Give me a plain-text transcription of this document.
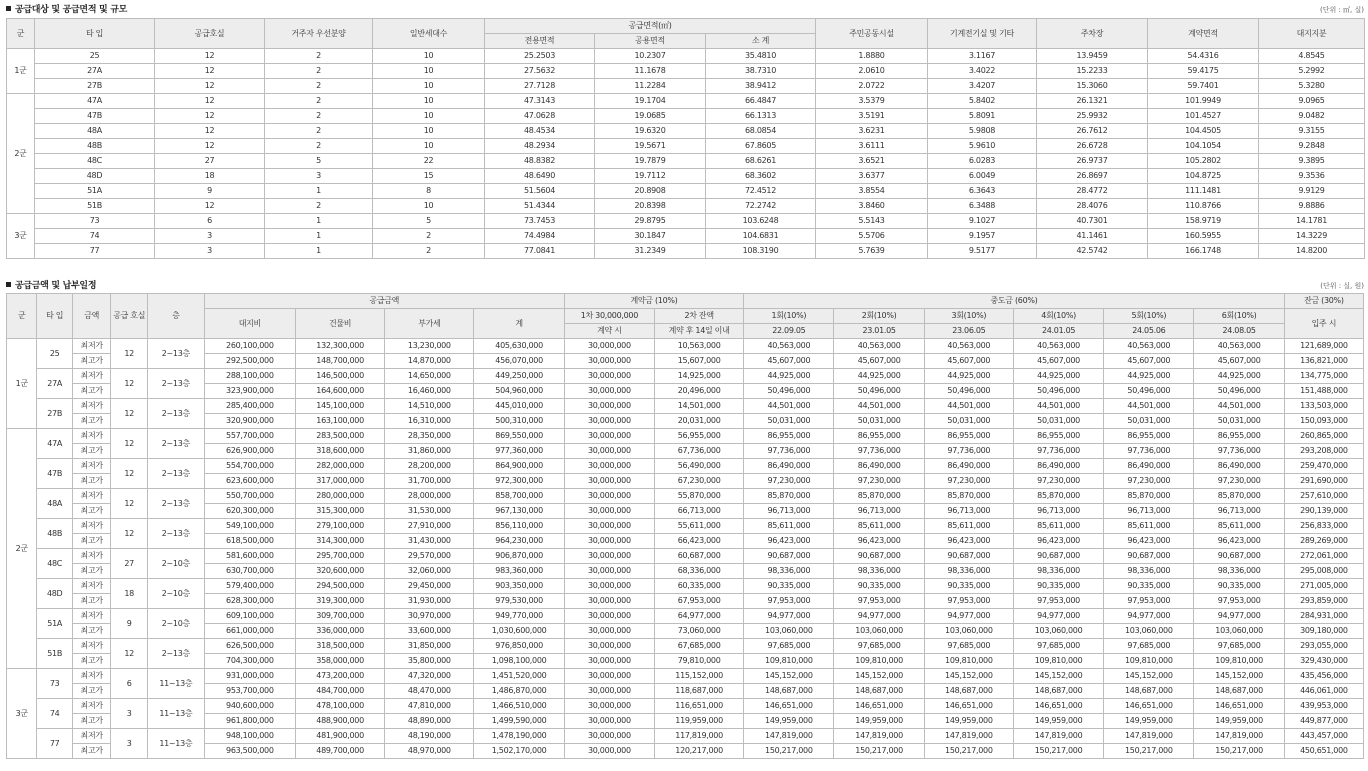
공급대상 및 공급면적 및 규모	(단위 : ㎡, 실)
군	타 입	공급호실	거주자 우선분양	일반세대수	공급면적(㎡)			주민공동시설	기계전기실 및 기타	주차장	계약면적	대지지분
					전용면적	공용면적	소 계					
1군	25	12	2	10	25.2503	10.2307	35.4810	1.8880	3.1167	13.9459	54.4316	4.8545
	27A	12	2	10	27.5632	11.1678	38.7310	2.0610	3.4022	15.2233	59.4175	5.2992
	27B	12	2	10	27.7128	11.2284	38.9412	2.0722	3.4207	15.3060	59.7401	5.3280
2군	47A	12	2	10	47.3143	19.1704	66.4847	3.5379	5.8402	26.1321	101.9949	9.0965
	47B	12	2	10	47.0628	19.0685	66.1313	3.5191	5.8091	25.9932	101.4527	9.0482
	48A	12	2	10	48.4534	19.6320	68.0854	3.6231	5.9808	26.7612	104.4505	9.3155
	48B	12	2	10	48.2934	19.5671	67.8605	3.6111	5.9610	26.6728	104.1054	9.2848
	48C	27	5	22	48.8382	19.7879	68.6261	3.6521	6.0283	26.9737	105.2802	9.3895
	48D	18	3	15	48.6490	19.7112	68.3602	3.6377	6.0049	26.8697	104.8725	9.3536
	51A	9	1	8	51.5604	20.8908	72.4512	3.8554	6.3643	28.4772	111.1481	9.9129
	51B	12	2	10	51.4344	20.8398	72.2742	3.8460	6.3488	28.4076	110.8766	9.8886
3군	73	6	1	5	73.7453	29.8795	103.6248	5.5143	9.1027	40.7301	158.9719	14.1781
	74	3	1	2	74.4984	30.1847	104.6831	5.5706	9.1957	41.1461	160.5955	14.3229
	77	3	1	2	77.0841	31.2349	108.3190	5.7639	9.5177	42.5742	166.1748	14.8200
공급금액 및 납부일정	(단위 : 실, 원)
군	타 입	금액	공급 호실	층	공급금액				계약금 (10%)		중도금 (60%)						잔금 (30%)
					대지비	건물비	부가세	계	1차 30,000,000	2차 잔액	1회(10%)	2회(10%)	3회(10%)	4회(10%)	5회(10%)	6회(10%)	입주 시
									계약 시	계약 후 14일 이내	22.09.05	23.01.05	23.06.05	24.01.05	24.05.06	24.08.05	
1군	25	최저가	12	2~13층	260,100,000	132,300,000	13,230,000	405,630,000	30,000,000	10,563,000	40,563,000	40,563,000	40,563,000	40,563,000	40,563,000	40,563,000	121,689,000
		최고가			292,500,000	148,700,000	14,870,000	456,070,000	30,000,000	15,607,000	45,607,000	45,607,000	45,607,000	45,607,000	45,607,000	45,607,000	136,821,000
	27A	최저가	12	2~13층	288,100,000	146,500,000	14,650,000	449,250,000	30,000,000	14,925,000	44,925,000	44,925,000	44,925,000	44,925,000	44,925,000	44,925,000	134,775,000
		최고가			323,900,000	164,600,000	16,460,000	504,960,000	30,000,000	20,496,000	50,496,000	50,496,000	50,496,000	50,496,000	50,496,000	50,496,000	151,488,000
	27B	최저가	12	2~13층	285,400,000	145,100,000	14,510,000	445,010,000	30,000,000	14,501,000	44,501,000	44,501,000	44,501,000	44,501,000	44,501,000	44,501,000	133,503,000
		최고가			320,900,000	163,100,000	16,310,000	500,310,000	30,000,000	20,031,000	50,031,000	50,031,000	50,031,000	50,031,000	50,031,000	50,031,000	150,093,000
2군	47A	최저가	12	2~13층	557,700,000	283,500,000	28,350,000	869,550,000	30,000,000	56,955,000	86,955,000	86,955,000	86,955,000	86,955,000	86,955,000	86,955,000	260,865,000
		최고가			626,900,000	318,600,000	31,860,000	977,360,000	30,000,000	67,736,000	97,736,000	97,736,000	97,736,000	97,736,000	97,736,000	97,736,000	293,208,000
	47B	최저가	12	2~13층	554,700,000	282,000,000	28,200,000	864,900,000	30,000,000	56,490,000	86,490,000	86,490,000	86,490,000	86,490,000	86,490,000	86,490,000	259,470,000
		최고가			623,600,000	317,000,000	31,700,000	972,300,000	30,000,000	67,230,000	97,230,000	97,230,000	97,230,000	97,230,000	97,230,000	97,230,000	291,690,000
	48A	최저가	12	2~13층	550,700,000	280,000,000	28,000,000	858,700,000	30,000,000	55,870,000	85,870,000	85,870,000	85,870,000	85,870,000	85,870,000	85,870,000	257,610,000
		최고가			620,300,000	315,300,000	31,530,000	967,130,000	30,000,000	66,713,000	96,713,000	96,713,000	96,713,000	96,713,000	96,713,000	96,713,000	290,139,000
	48B	최저가	12	2~13층	549,100,000	279,100,000	27,910,000	856,110,000	30,000,000	55,611,000	85,611,000	85,611,000	85,611,000	85,611,000	85,611,000	85,611,000	256,833,000
		최고가			618,500,000	314,300,000	31,430,000	964,230,000	30,000,000	66,423,000	96,423,000	96,423,000	96,423,000	96,423,000	96,423,000	96,423,000	289,269,000
	48C	최저가	27	2~10층	581,600,000	295,700,000	29,570,000	906,870,000	30,000,000	60,687,000	90,687,000	90,687,000	90,687,000	90,687,000	90,687,000	90,687,000	272,061,000
		최고가			630,700,000	320,600,000	32,060,000	983,360,000	30,000,000	68,336,000	98,336,000	98,336,000	98,336,000	98,336,000	98,336,000	98,336,000	295,008,000
	48D	최저가	18	2~10층	579,400,000	294,500,000	29,450,000	903,350,000	30,000,000	60,335,000	90,335,000	90,335,000	90,335,000	90,335,000	90,335,000	90,335,000	271,005,000
		최고가			628,300,000	319,300,000	31,930,000	979,530,000	30,000,000	67,953,000	97,953,000	97,953,000	97,953,000	97,953,000	97,953,000	97,953,000	293,859,000
	51A	최저가	9	2~10층	609,100,000	309,700,000	30,970,000	949,770,000	30,000,000	64,977,000	94,977,000	94,977,000	94,977,000	94,977,000	94,977,000	94,977,000	284,931,000
		최고가			661,000,000	336,000,000	33,600,000	1,030,600,000	30,000,000	73,060,000	103,060,000	103,060,000	103,060,000	103,060,000	103,060,000	103,060,000	309,180,000
	51B	최저가	12	2~13층	626,500,000	318,500,000	31,850,000	976,850,000	30,000,000	67,685,000	97,685,000	97,685,000	97,685,000	97,685,000	97,685,000	97,685,000	293,055,000
		최고가			704,300,000	358,000,000	35,800,000	1,098,100,000	30,000,000	79,810,000	109,810,000	109,810,000	109,810,000	109,810,000	109,810,000	109,810,000	329,430,000
3군	73	최저가	6	11~13층	931,000,000	473,200,000	47,320,000	1,451,520,000	30,000,000	115,152,000	145,152,000	145,152,000	145,152,000	145,152,000	145,152,000	145,152,000	435,456,000
		최고가			953,700,000	484,700,000	48,470,000	1,486,870,000	30,000,000	118,687,000	148,687,000	148,687,000	148,687,000	148,687,000	148,687,000	148,687,000	446,061,000
	74	최저가	3	11~13층	940,600,000	478,100,000	47,810,000	1,466,510,000	30,000,000	116,651,000	146,651,000	146,651,000	146,651,000	146,651,000	146,651,000	146,651,000	439,953,000
		최고가			961,800,000	488,900,000	48,890,000	1,499,590,000	30,000,000	119,959,000	149,959,000	149,959,000	149,959,000	149,959,000	149,959,000	149,959,000	449,877,000
	77	최저가	3	11~13층	948,100,000	481,900,000	48,190,000	1,478,190,000	30,000,000	117,819,000	147,819,000	147,819,000	147,819,000	147,819,000	147,819,000	147,819,000	443,457,000
		최고가			963,500,000	489,700,000	48,970,000	1,502,170,000	30,000,000	120,217,000	150,217,000	150,217,000	150,217,000	150,217,000	150,217,000	150,217,000	450,651,000
